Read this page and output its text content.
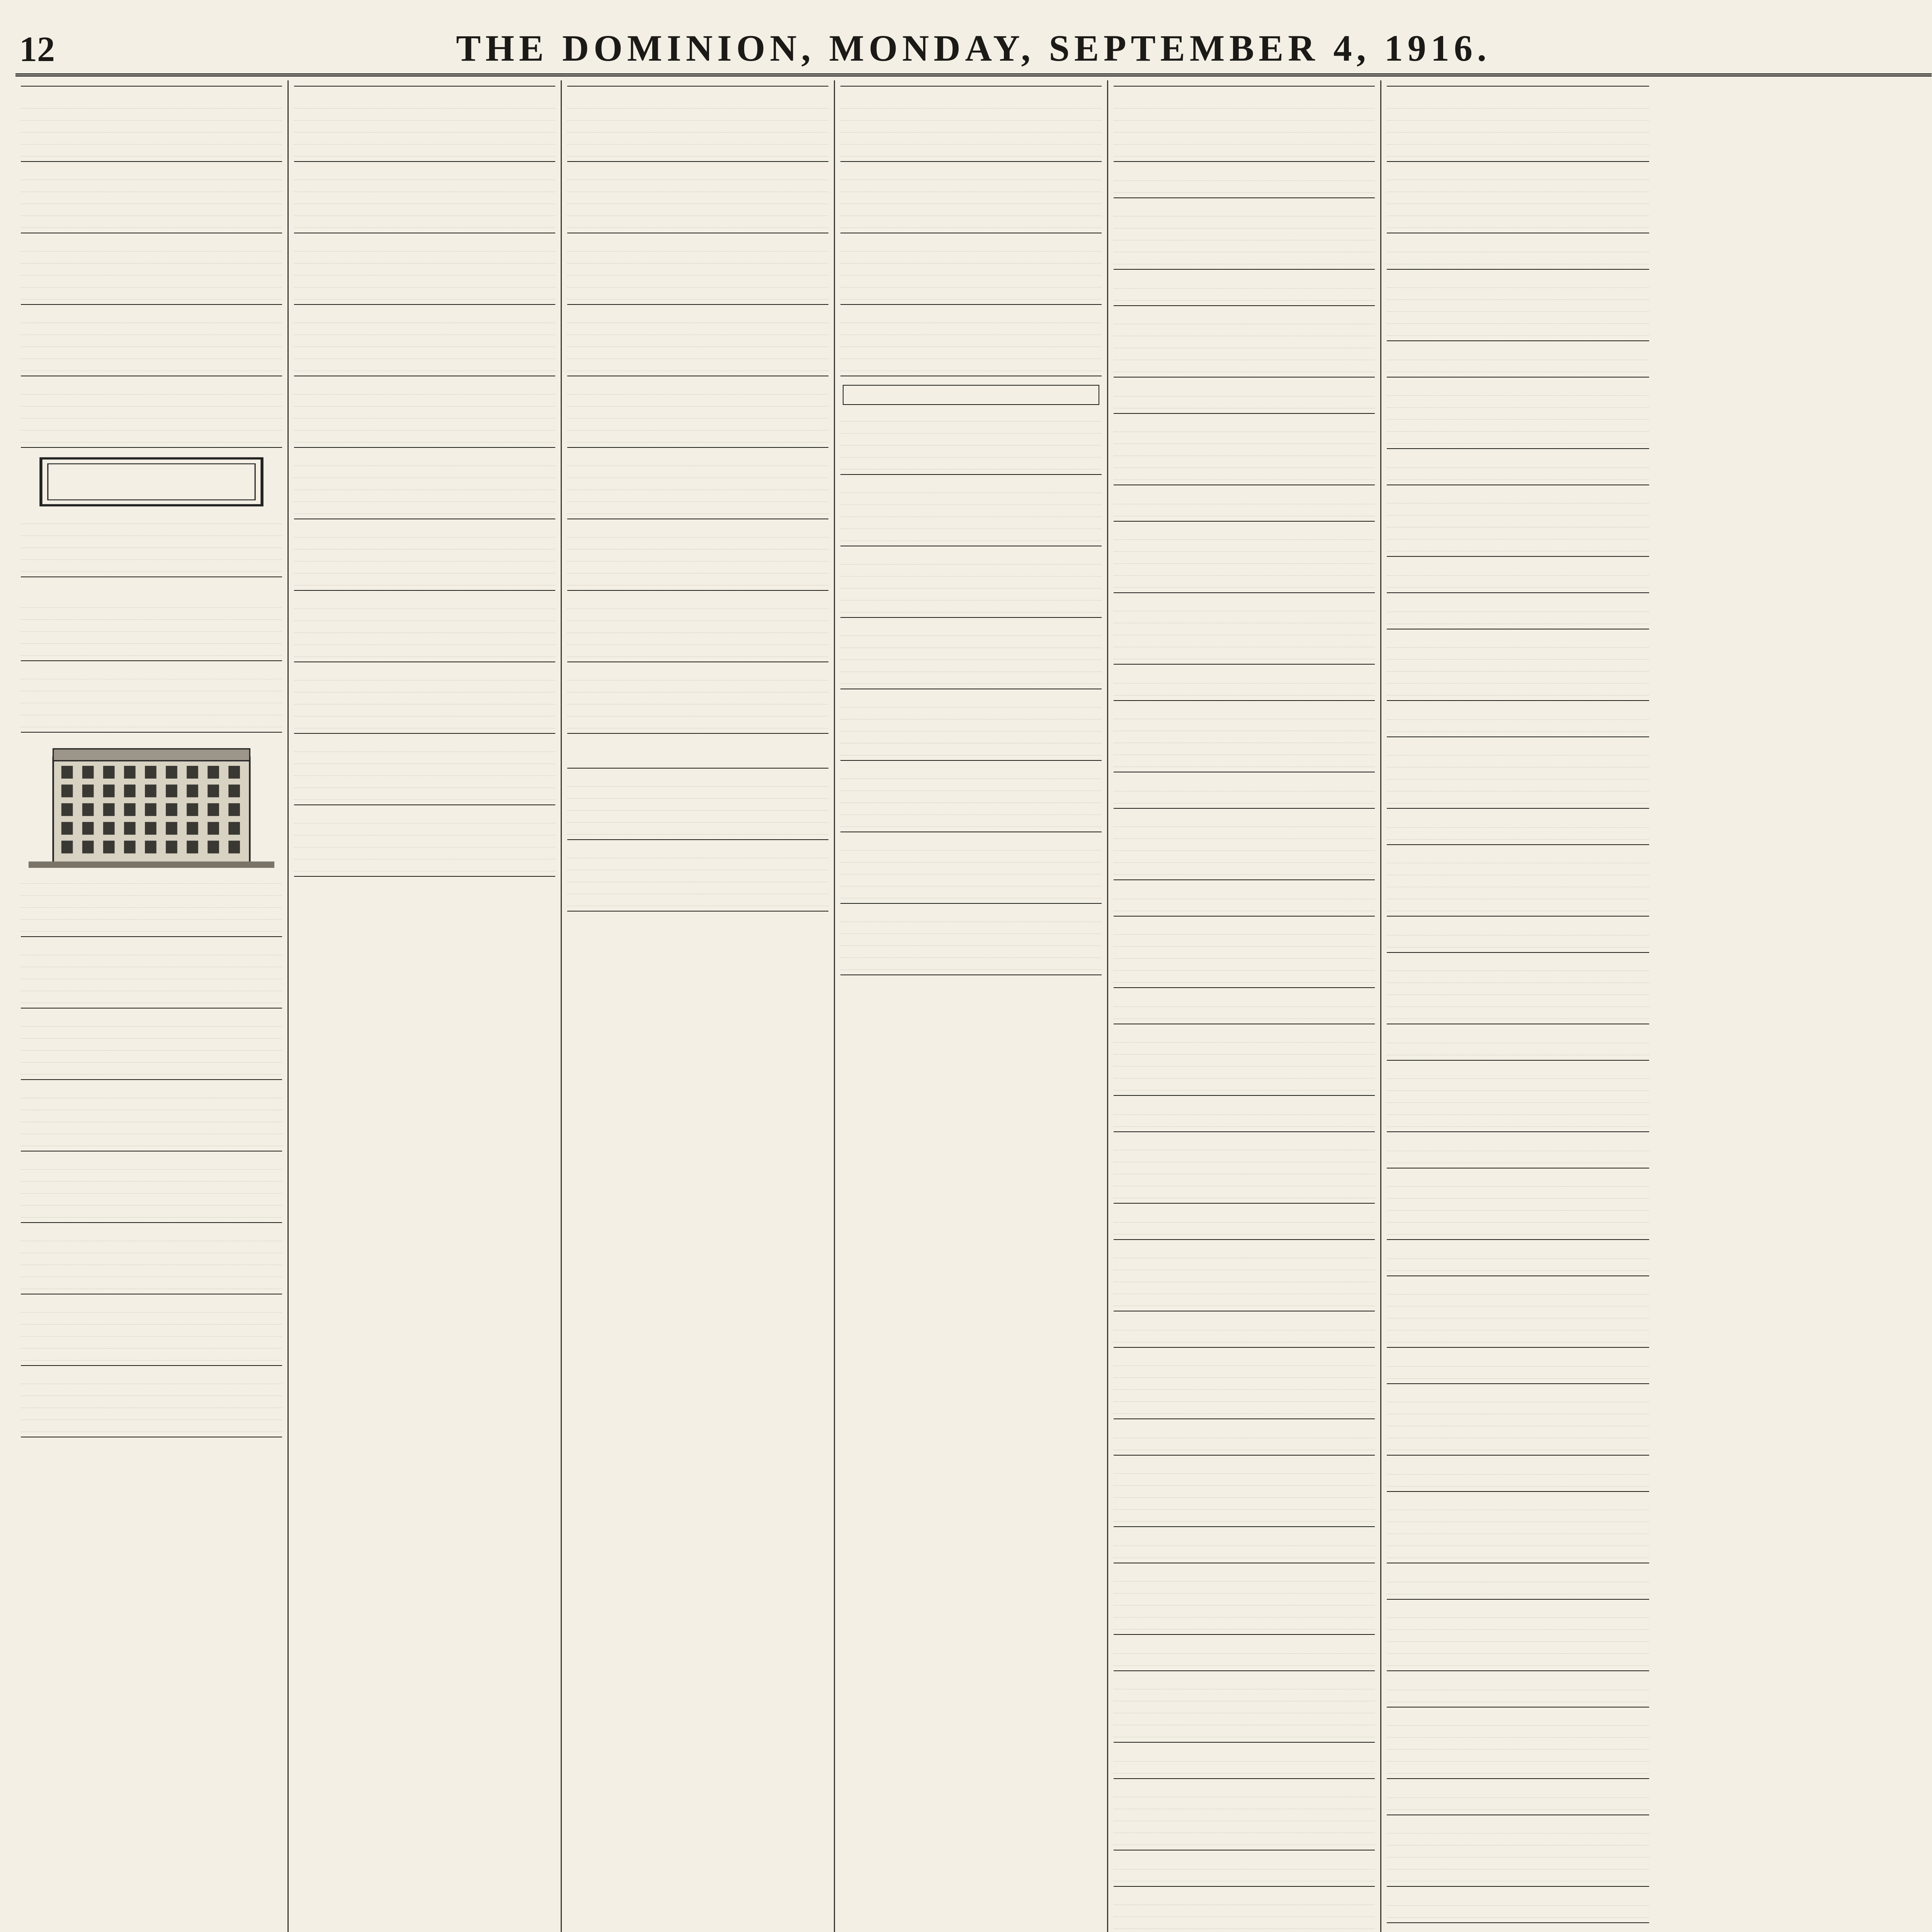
12	THE DOMINION, MONDAY, SEPTEMBER 4, 1916.
